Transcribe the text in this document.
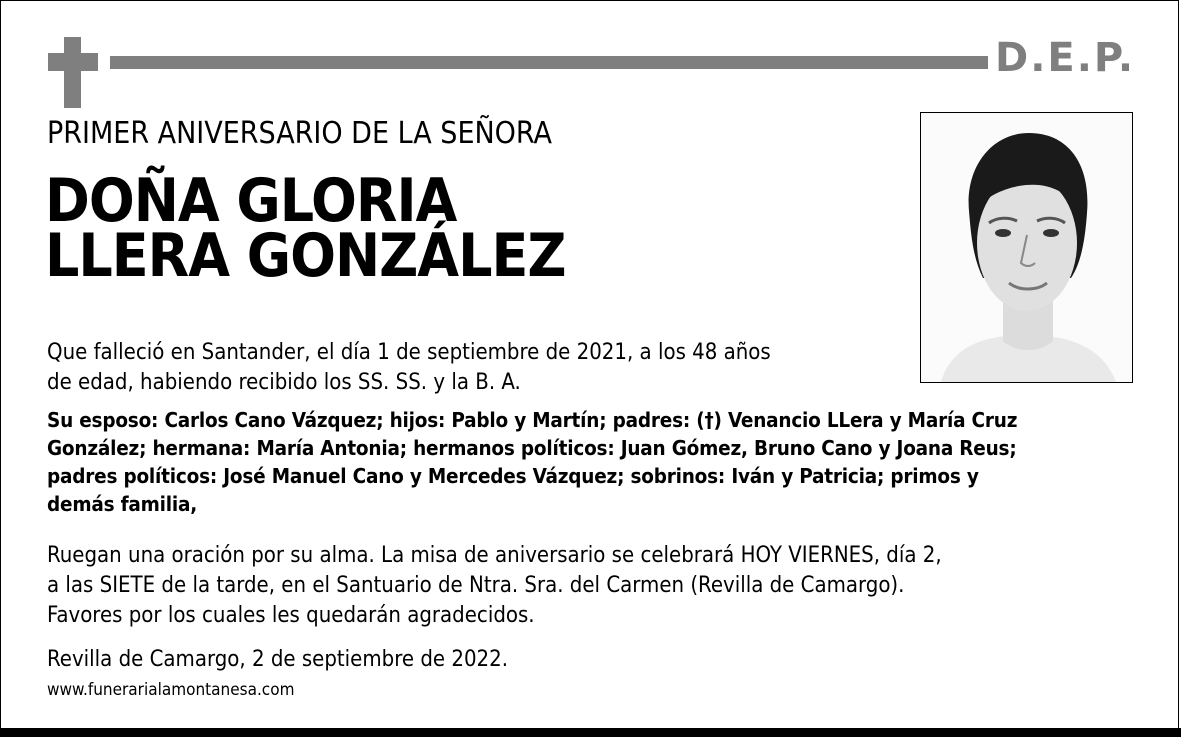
D.E.P.
PRIMER ANIVERSARIO DE LA SEÑORA
DOÑA GLORIA
LLERA GONZÁLEZ
Que falleció en Santander, el día 1 de septiembre de 2021, a los 48 años
de edad, habiendo recibido los SS. SS. y la B. A.
Su esposo: Carlos Cano Vázquez; hijos: Pablo y Martín; padres: (†) Venancio LLera y María Cruz
González; hermana: María Antonia; hermanos políticos: Juan Gómez, Bruno Cano y Joana Reus;
padres políticos: José Manuel Cano y Mercedes Vázquez; sobrinos: Iván y Patricia; primos y
demás familia,
Ruegan una oración por su alma. La misa de aniversario se celebrará HOY VIERNES, día 2,
a las SIETE de la tarde, en el Santuario de Ntra. Sra. del Carmen (Revilla de Camargo).
Favores por los cuales les quedarán agradecidos.
Revilla de Camargo, 2 de septiembre de 2022.
www.funerarialamontanesa.com
